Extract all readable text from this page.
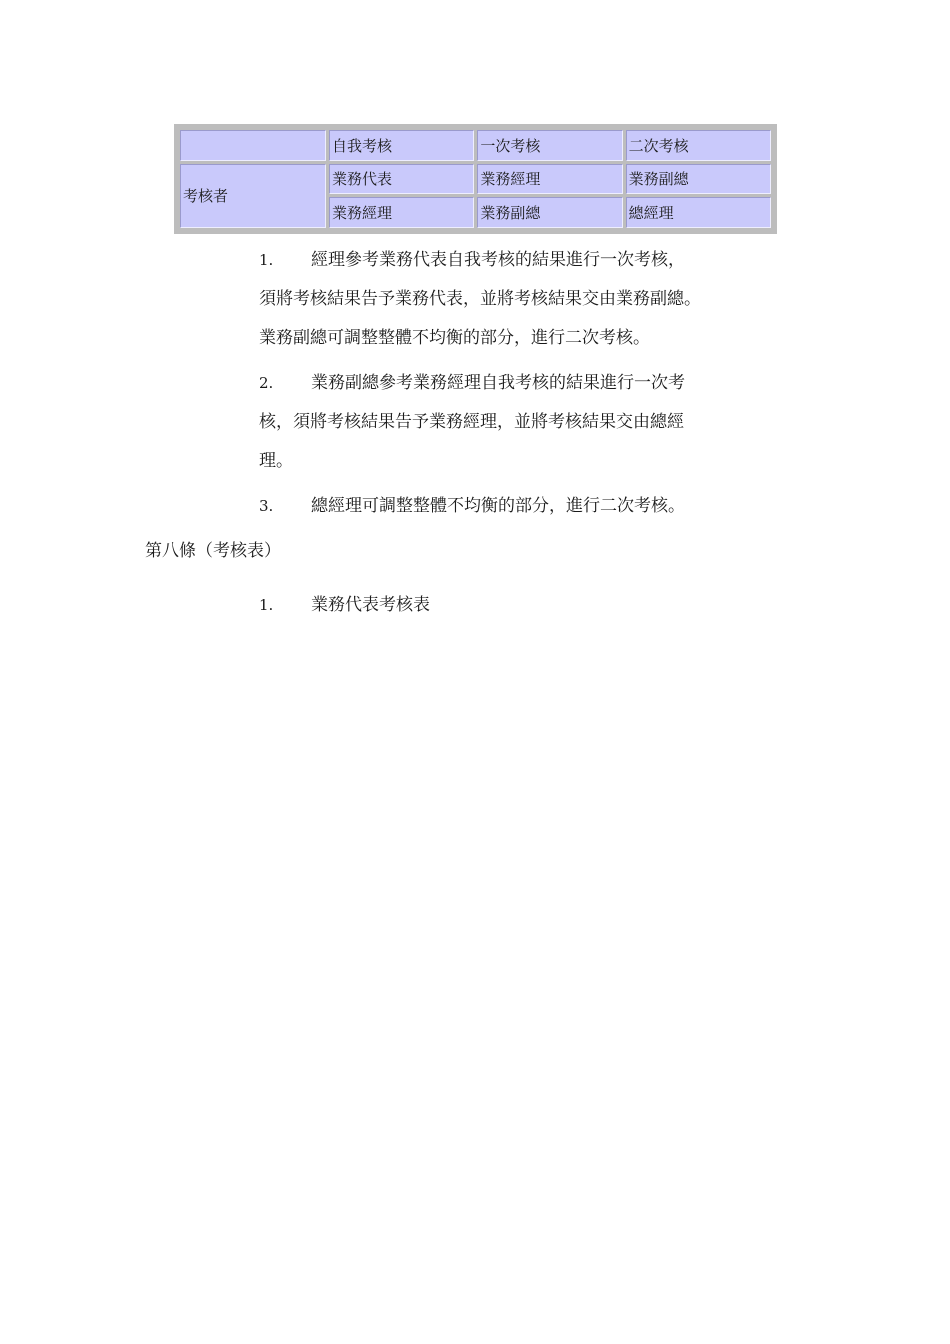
	自我考核	一次考核	二次考核
考核者	業務代表	業務經理	業務副總
	業務經理	業務副總	總經理
1. 經理參考業務代表自我考核的結果進行一次考核，
須將考核結果告予業務代表，並將考核結果交由業務副總。
業務副總可調整整體不均衡的部分，進行二次考核。
2. 業務副總參考業務經理自我考核的結果進行一次考
核，須將考核結果告予業務經理，並將考核結果交由總經
理。
3. 總經理可調整整體不均衡的部分，進行二次考核。
第八條（考核表）
1. 業務代表考核表
